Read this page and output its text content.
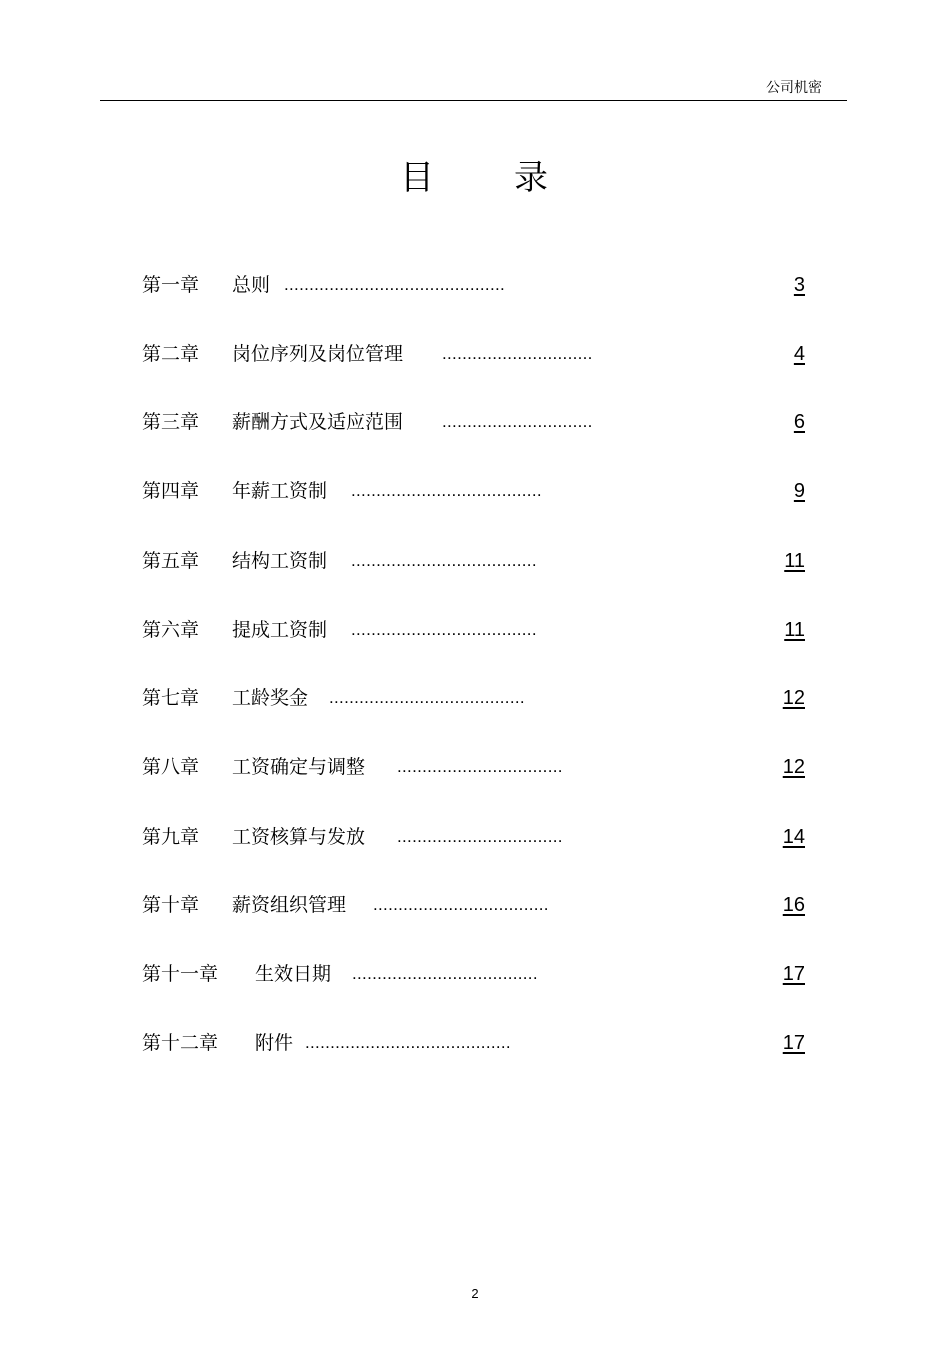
公司机密
目 录
第一章 总则 ............................................	3
第二章 岗位序列及岗位管理 ..............................	4
第三章 薪酬方式及适应范围 ..............................	6
第四章 年薪工资制 ......................................	9
第五章 结构工资制 .....................................	11
第六章 提成工资制 .....................................	11
第七章 工龄奖金 .......................................	12
第八章 工资确定与调整 .................................	12
第九章 工资核算与发放 .................................	14
第十章 薪资组织管理 ...................................	16
第十一章 生效日期 .....................................	17
第十二章 附件 .........................................	17
2
